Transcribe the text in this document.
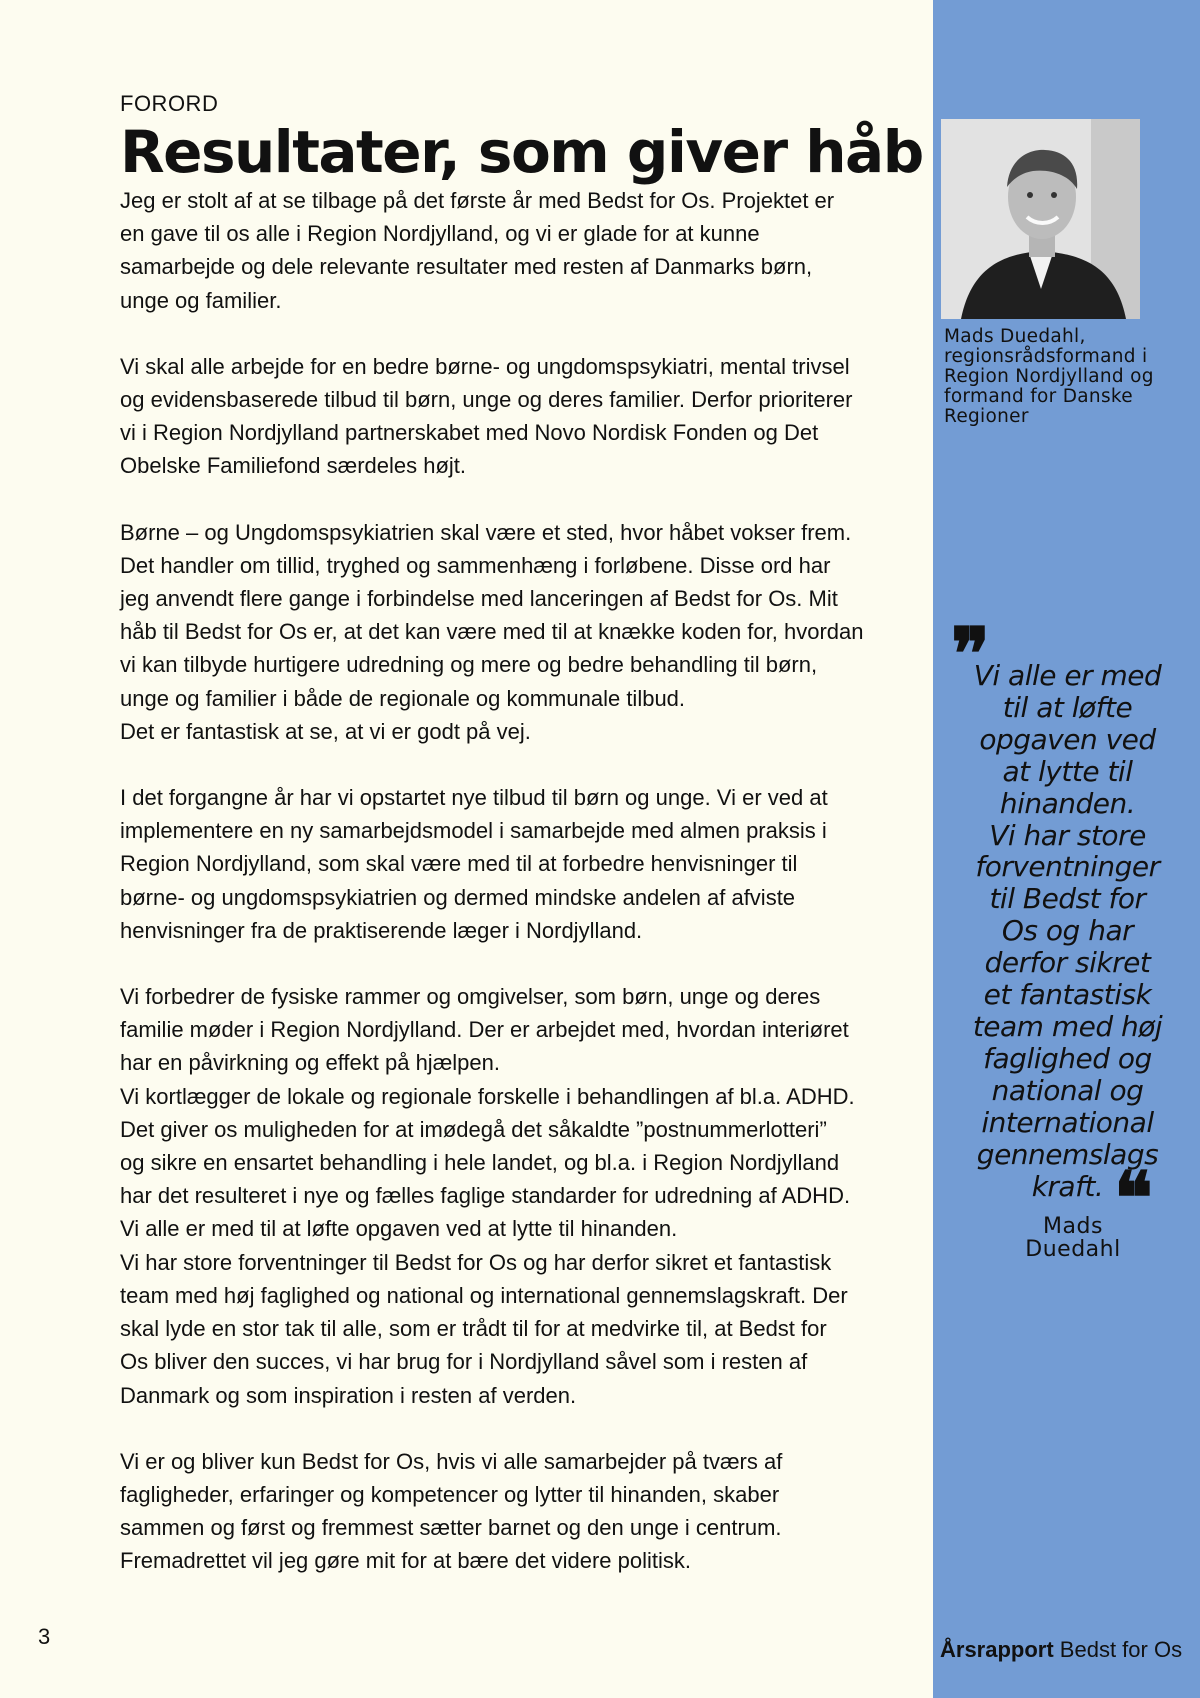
FORORD

Resultater, som giver håb

Jeg er stolt af at se tilbage på det første år med Bedst for Os. Projektet er
en gave til os alle i Region Nordjylland, og vi er glade for at kunne
samarbejde og dele relevante resultater med resten af Danmarks børn,
unge og familier.

Vi skal alle arbejde for en bedre børne- og ungdomspsykiatri, mental trivsel
og evidensbaserede tilbud til børn, unge og deres familier. Derfor prioriterer
vi i Region Nordjylland partnerskabet med Novo Nordisk Fonden og Det
Obelske Familiefond særdeles højt.

Børne – og Ungdomspsykiatrien skal være et sted, hvor håbet vokser frem.
Det handler om tillid, tryghed og sammenhæng i forløbene. Disse ord har
jeg anvendt flere gange i forbindelse med lanceringen af Bedst for Os. Mit
håb til Bedst for Os er, at det kan være med til at knække koden for, hvordan
vi kan tilbyde hurtigere udredning og mere og bedre behandling til børn,
unge og familier i både de regionale og kommunale tilbud.
Det er fantastisk at se, at vi er godt på vej.

I det forgangne år har vi opstartet nye tilbud til børn og unge. Vi er ved at
implementere en ny samarbejdsmodel i samarbejde med almen praksis i
Region Nordjylland, som skal være med til at forbedre henvisninger til
børne- og ungdomspsykiatrien og dermed mindske andelen af afviste
henvisninger fra de praktiserende læger i Nordjylland.

Vi forbedrer de fysiske rammer og omgivelser, som børn, unge og deres
familie møder i Region Nordjylland. Der er arbejdet med, hvordan interiøret
har en påvirkning og effekt på hjælpen.
Vi kortlægger de lokale og regionale forskelle i behandlingen af bl.a. ADHD.
Det giver os muligheden for at imødegå det såkaldte ”postnummerlotteri”
og sikre en ensartet behandling i hele landet, og bl.a. i Region Nordjylland
har det resulteret i nye og fælles faglige standarder for udredning af ADHD.
Vi alle er med til at løfte opgaven ved at lytte til hinanden.
Vi har store forventninger til Bedst for Os og har derfor sikret et fantastisk
team med høj faglighed og national og international gennemslagskraft. Der
skal lyde en stor tak til alle, som er trådt til for at medvirke til, at Bedst for
Os bliver den succes, vi har brug for i Nordjylland såvel som i resten af
Danmark og som inspiration i resten af verden.

Vi er og bliver kun Bedst for Os, hvis vi alle samarbejder på tværs af
fagligheder, erfaringer og kompetencer og lytter til hinanden, skaber
sammen og først og fremmest sætter barnet og den unge i centrum.
Fremadrettet vil jeg gøre mit for at bære det videre politisk.

Mads Duedahl,
regionsrådsformand i
Region Nordjylland og
formand for Danske
Regioner
❞
Vi alle er med
til at løfte
opgaven ved
at lytte til
hinanden.
Vi har store
forventninger
til Bedst for
Os og har
derfor sikret
et fantastisk
team med høj
faglighed og
national og
international
gennemslags
kraft. ❝
Mads
Duedahl
3
Årsrapport Bedst for Os
